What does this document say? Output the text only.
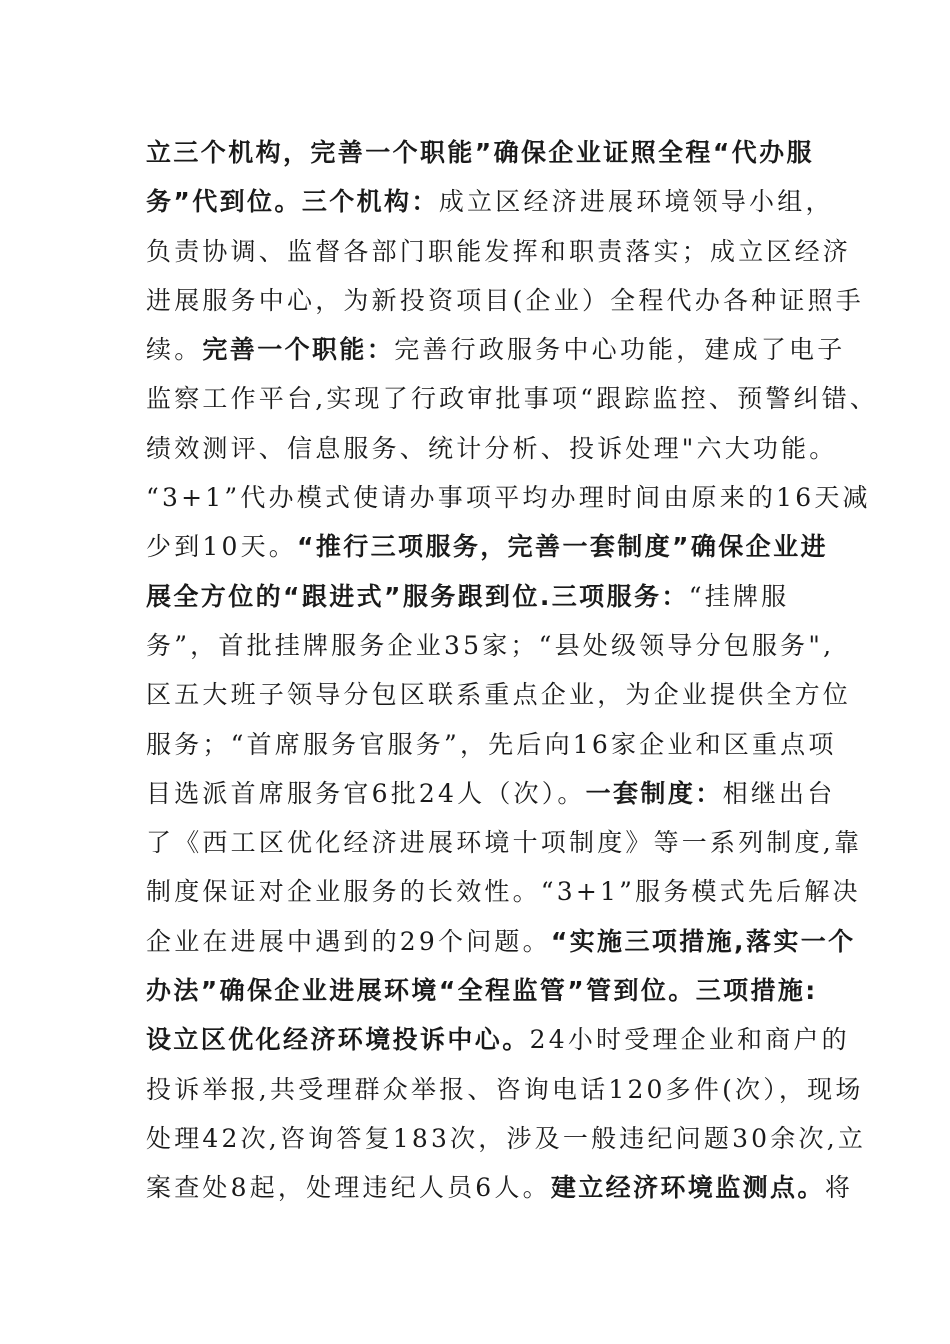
立三个机构，完善一个职能”确保企业证照全程“代办服
务”代到位。三个机构：成立区经济进展环境领导小组，
负责协调、监督各部门职能发挥和职责落实；成立区经济
进展服务中心，为新投资项目(企业）全程代办各种证照手
续。完善一个职能：完善行政服务中心功能，建成了电子
监察工作平台,实现了行政审批事项“跟踪监控、预警纠错、
绩效测评、信息服务、统计分析、投诉处理"六大功能。
“3+1”代办模式使请办事项平均办理时间由原来的16天减
少到10天。“推行三项服务，完善一套制度”确保企业进
展全方位的“跟进式”服务跟到位.三项服务：“挂牌服
务”，首批挂牌服务企业35家；“县处级领导分包服务",
区五大班子领导分包区联系重点企业，为企业提供全方位
服务；“首席服务官服务”，先后向16家企业和区重点项
目选派首席服务官6批24人（次）。一套制度：相继出台
了《西工区优化经济进展环境十项制度》等一系列制度,靠
制度保证对企业服务的长效性。“3+1”服务模式先后解决
企业在进展中遇到的29个问题。“实施三项措施,落实一个
办法”确保企业进展环境“全程监管”管到位。三项措施:
设立区优化经济环境投诉中心。24小时受理企业和商户的
投诉举报,共受理群众举报、咨询电话120多件(次），现场
处理42次,咨询答复183次，涉及一般违纪问题30余次,立
案查处8起，处理违纪人员6人。建立经济环境监测点。将
